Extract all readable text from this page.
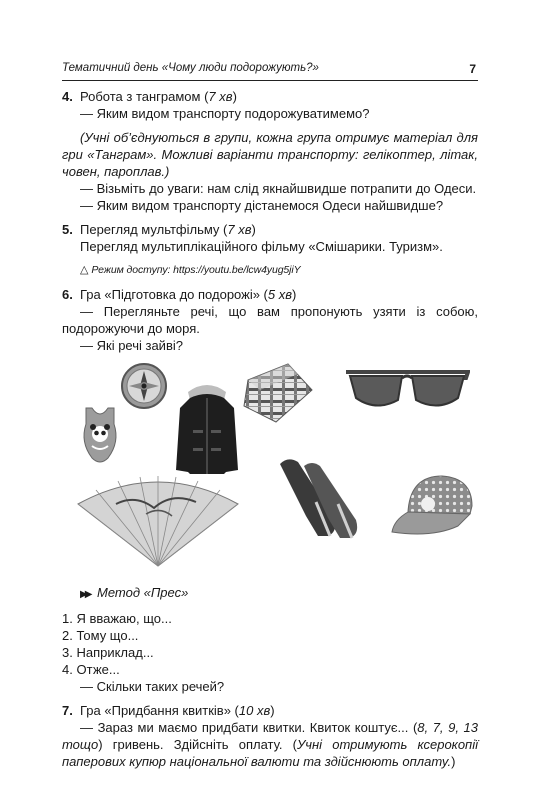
Тематичний день «Чому люди подорожують?»	7

4. Робота з танграмом (7 хв)

— Яким видом транспорту подорожуватимемо?

(Учні об’єднуються в групи, кожна група отримує матеріал для гри «Танграм». Можливі варіанти транспорту: гелікоптер, літак, човен, пароплав.)

— Візьміть до уваги: нам слід якнайшвидше потрапити до Одеси.

— Яким видом транспорту дістанемося Одеси найшвидше?

5. Перегляд мультфільму (7 хв)

Перегляд мультиплікаційного фільму «Смішарики. Туризм».

△ Режим доступу: https://youtu.be/lcw4yug5jiY

6. Гра «Підготовка до подорожі» (5 хв)

— Перегляньте речі, що вам пропонують узяти із собою, подорожуючи до моря.

— Які речі зайві?

▶▶ Метод «Прес»

1. Я вважаю, що...

2. Тому що...

3. Наприклад...

4. Отже...

— Скільки таких речей?

7. Гра «Придбання квитків» (10 хв)

— Зараз ми маємо придбати квитки. Квиток коштує... (8, 7, 9, 13 тощо) гривень. Здійсніть оплату. (Учні отримують ксерокопії паперових купюр національної валюти та здійснюють оплату.)
